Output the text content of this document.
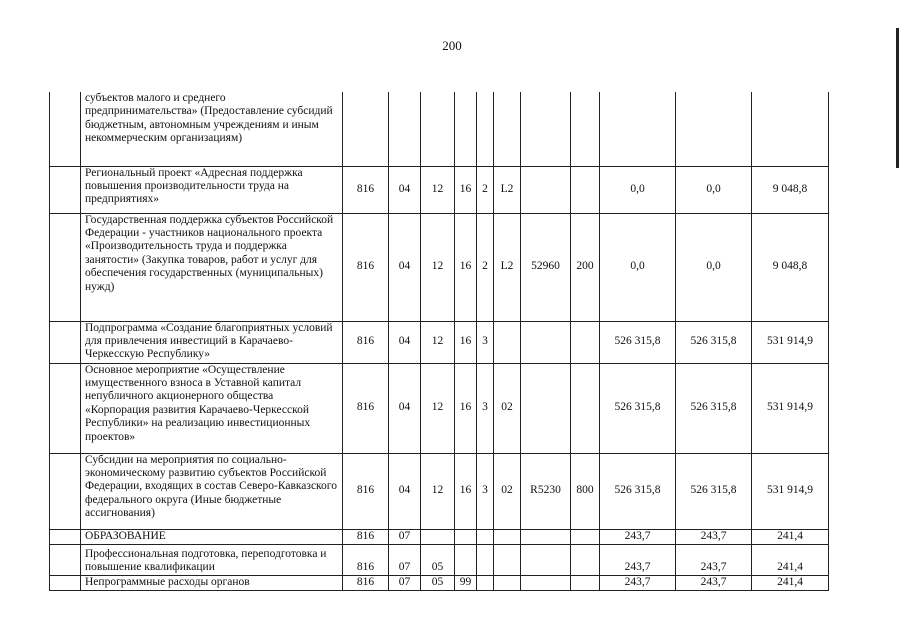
200
	субъектов малого и среднего предпринимательства» (Предоставление субсидий бюджетным, автономным учреждениям и иным некоммерческим организациям)											
	Региональный проект «Адресная поддержка повышения производительности труда на предприятиях»	816	04	12	16	2	L2			0,0	0,0	9 048,8
	Государственная поддержка субъектов Российской Федерации - участников национального проекта «Производительность труда и поддержка занятости» (Закупка товаров, работ и услуг для обеспечения государственных (муниципальных) нужд)	816	04	12	16	2	L2	52960	200	0,0	0,0	9 048,8
	Подпрограмма «Создание благоприятных условий для привлечения инвестиций в Карачаево-Черкесскую Республику»	816	04	12	16	3				526 315,8	526 315,8	531 914,9
	Основное мероприятие «Осуществление имущественного взноса в Уставной капитал непубличного акционерного общества «Корпорация развития Карачаево-Черкесской Республики» на реализацию инвестиционных проектов»	816	04	12	16	3	02			526 315,8	526 315,8	531 914,9
	Субсидии на мероприятия по социально-экономическому развитию субъектов Российской Федерации, входящих в состав Северо-Кавказского федерального округа (Иные бюджетные ассигнования)	816	04	12	16	3	02	R5230	800	526 315,8	526 315,8	531 914,9
	ОБРАЗОВАНИЕ	816	07							243,7	243,7	241,4
	Профессиональная подготовка, переподготовка и повышение квалификации	816	07	05						243,7	243,7	241,4
	Непрограммные расходы органов	816	07	05	99					243,7	243,7	241,4
